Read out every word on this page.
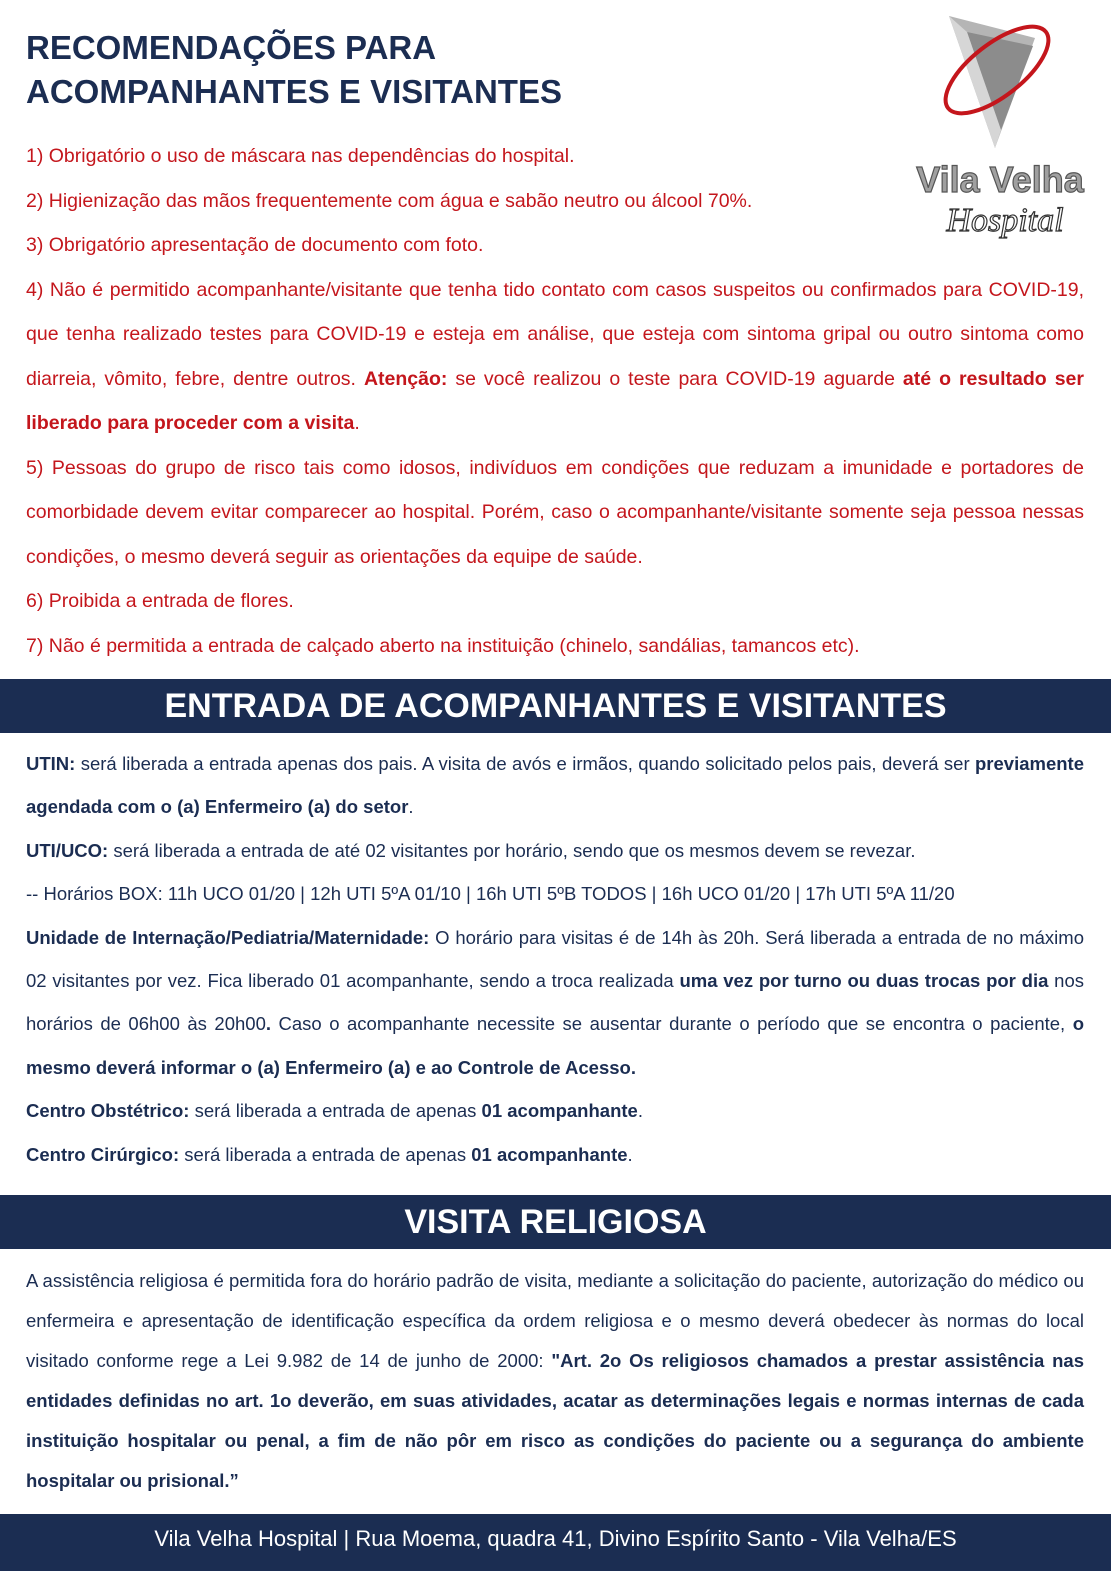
RECOMENDAÇÕES PARA
ACOMPANHANTES E VISITANTES
Vila Velha
Hospital

1) Obrigatório o uso de máscara nas dependências do hospital.

2) Higienização das mãos frequentemente com água e sabão neutro ou álcool 70%.

3) Obrigatório apresentação de documento com foto.

4) Não é permitido acompanhante/visitante que tenha tido contato com casos suspeitos ou confirmados para COVID-19, que tenha realizado testes para COVID-19 e esteja em análise, que esteja com sintoma gripal ou outro sintoma como diarreia, vômito, febre, dentre outros. Atenção: se você realizou o teste para COVID-19 aguarde até o resultado ser liberado para proceder com a visita.

5) Pessoas do grupo de risco tais como idosos, indivíduos em condições que reduzam a imunidade e portadores de comorbidade devem evitar comparecer ao hospital. Porém, caso o acompanhante/visitante somente seja pessoa nessas condições, o mesmo deverá seguir as orientações da equipe de saúde.

6) Proibida a entrada de flores.

7) Não é permitida a entrada de calçado aberto na instituição (chinelo, sandálias, tamancos etc).

ENTRADA DE ACOMPANHANTES E VISITANTES

UTIN: será liberada a entrada apenas dos pais. A visita de avós e irmãos, quando solicitado pelos pais, deverá ser previamente agendada com o (a) Enfermeiro (a) do setor.

UTI/UCO: será liberada a entrada de até 02 visitantes por horário, sendo que os mesmos devem se revezar.

-- Horários BOX: 11h UCO 01/20 | 12h UTI 5ºA 01/10 | 16h UTI 5ºB TODOS | 16h UCO 01/20 | 17h UTI 5ºA 11/20

Unidade de Internação/Pediatria/Maternidade: O horário para visitas é de 14h às 20h. Será liberada a entrada de no máximo 02 visitantes por vez. Fica liberado 01 acompanhante, sendo a troca realizada uma vez por turno ou duas trocas por dia nos horários de 06h00 às 20h00. Caso o acompanhante necessite se ausentar durante o período que se encontra o paciente, o mesmo deverá informar o (a) Enfermeiro (a) e ao Controle de Acesso.

Centro Obstétrico: será liberada a entrada de apenas 01 acompanhante.

Centro Cirúrgico: será liberada a entrada de apenas 01 acompanhante.

VISITA RELIGIOSA
A assistência religiosa é permitida fora do horário padrão de visita, mediante a solicitação do paciente, autorização do médico ou enfermeira e apresentação de identificação específica da ordem religiosa e o mesmo deverá obedecer às normas do local visitado conforme rege a Lei 9.982 de 14 de junho de 2000: "Art. 2o Os religiosos chamados a prestar assistência nas entidades definidas no art. 1o deverão, em suas atividades, acatar as determinações legais e normas internas de cada instituição hospitalar ou penal, a fim de não pôr em risco as condições do paciente ou a segurança do ambiente hospitalar ou prisional.”
Vila Velha Hospital | Rua Moema, quadra 41, Divino Espírito Santo - Vila Velha/ES
